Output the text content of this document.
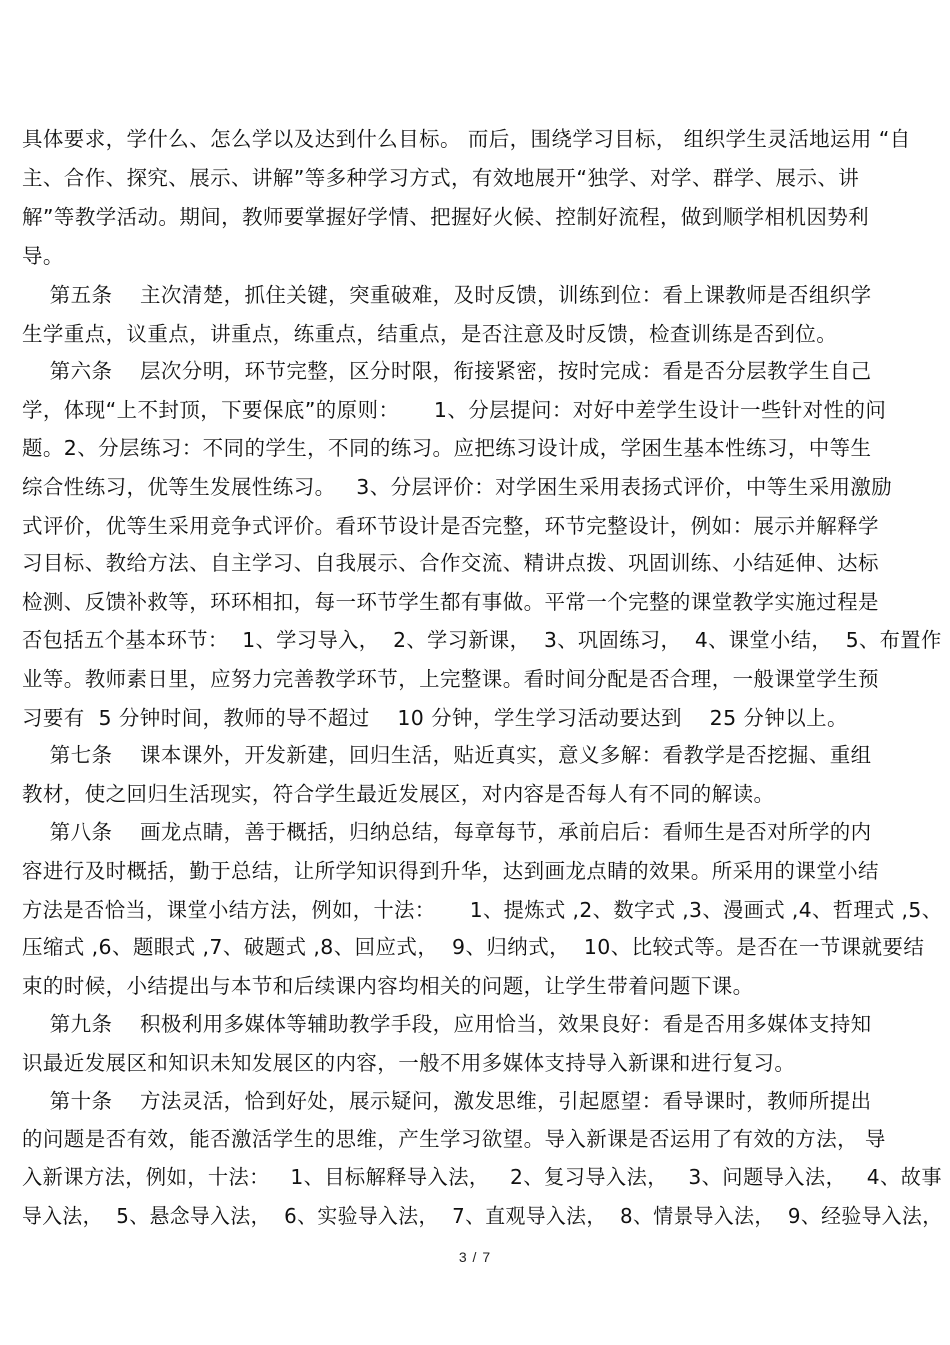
具体要求，学什么、怎么学以及达到什么目标。 而后，围绕学习目标， 组织学生灵活地运用 “自
主、合作、探究、展示、讲解”等多种学习方式，有效地展开“独学、对学、群学、展示、讲
解”等教学活动。期间，教师要掌握好学情、把握好火候、控制好流程，做到顺学相机因势利
导。
第五条    主次清楚，抓住关键，突重破难，及时反馈，训练到位：看上课教师是否组织学
生学重点，议重点，讲重点，练重点，结重点，是否注意及时反馈，检查训练是否到位。
第六条    层次分明，环节完整，区分时限，衔接紧密，按时完成：看是否分层教学生自己
学，体现“上不封顶，下要保底”的原则：     1、分层提问：对好中差学生设计一些针对性的问
题。2、分层练习：不同的学生，不同的练习。应把练习设计成，学困生基本性练习，中等生
综合性练习，优等生发展性练习。   3、分层评价：对学困生采用表扬式评价，中等生采用激励
式评价，优等生采用竞争式评价。看环节设计是否完整，环节完整设计，例如：展示并解释学
习目标、教给方法、自主学习、自我展示、合作交流、精讲点拨、巩固训练、小结延伸、达标
检测、反馈补救等，环环相扣，每一环节学生都有事做。平常一个完整的课堂教学实施过程是
否包括五个基本环节：  1、学习导入，  2、学习新课，  3、巩固练习，  4、课堂小结，  5、布置作
业等。教师素日里，应努力完善教学环节，上完整课。看时间分配是否合理，一般课堂学生预
习要有  5 分钟时间，教师的导不超过    10 分钟，学生学习活动要达到    25 分钟以上。
第七条    课本课外，开发新建，回归生活，贴近真实，意义多解：看教学是否挖掘、重组
教材，使之回归生活现实，符合学生最近发展区，对内容是否每人有不同的解读。
第八条    画龙点睛，善于概括，归纳总结，每章每节，承前启后：看师生是否对所学的内
容进行及时概括，勤于总结，让所学知识得到升华，达到画龙点睛的效果。所采用的课堂小结
方法是否恰当，课堂小结方法，例如，十法：     1、提炼式 ,2、数字式 ,3、漫画式 ,4、哲理式 ,5、
压缩式 ,6、题眼式 ,7、破题式 ,8、回应式，  9、归纳式，  10、比较式等。是否在一节课就要结
束的时候，小结提出与本节和后续课内容均相关的问题，让学生带着问题下课。
第九条    积极利用多媒体等辅助教学手段，应用恰当，效果良好：看是否用多媒体支持知
识最近发展区和知识未知发展区的内容，一般不用多媒体支持导入新课和进行复习。
第十条    方法灵活，恰到好处，展示疑问，激发思维，引起愿望：看导课时，教师所提出
的问题是否有效，能否激活学生的思维，产生学习欲望。导入新课是否运用了有效的方法， 导
入新课方法，例如，十法：   1、目标解释导入法，   2、复习导入法，   3、问题导入法，   4、故事
导入法，  5、悬念导入法，  6、实验导入法，  7、直观导入法，  8、情景导入法，  9、经验导入法，
3 / 7
